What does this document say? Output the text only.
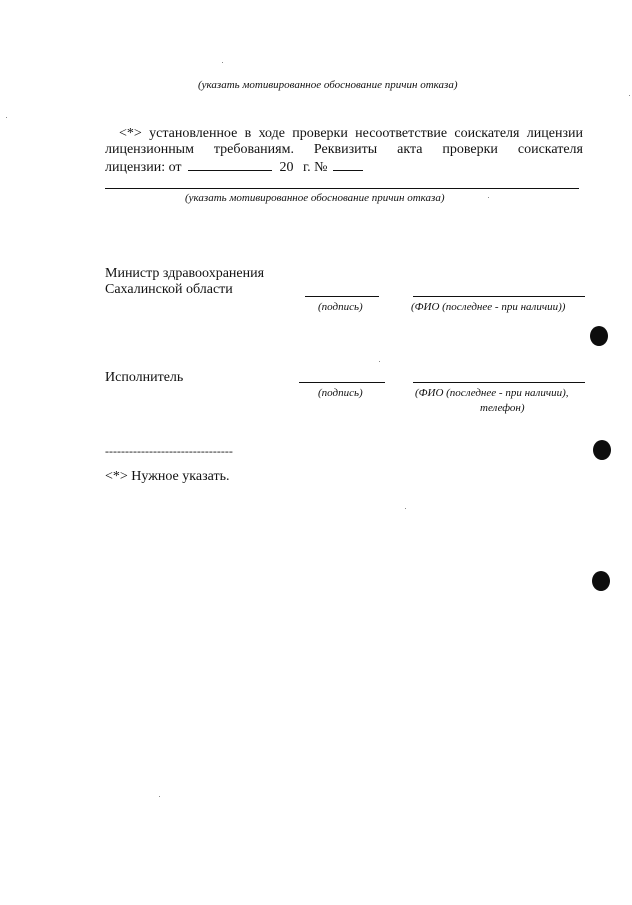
(указать мотивированное обоснование причин отказа)
<*> установленное в ходе проверки несоответствие соискателя лицензии
лицензионным требованиям. Реквизиты акта проверки соискателя
лицензии: от	20 г. №
(указать мотивированное обоснование причин отказа)
Министр здравоохранения
Сахалинской области
(подпись)	(ФИО (последнее - при наличии))
Исполнитель
(подпись)	(ФИО (последнее - при наличии),
телефон)
--------------------------------
<*> Нужное указать.
